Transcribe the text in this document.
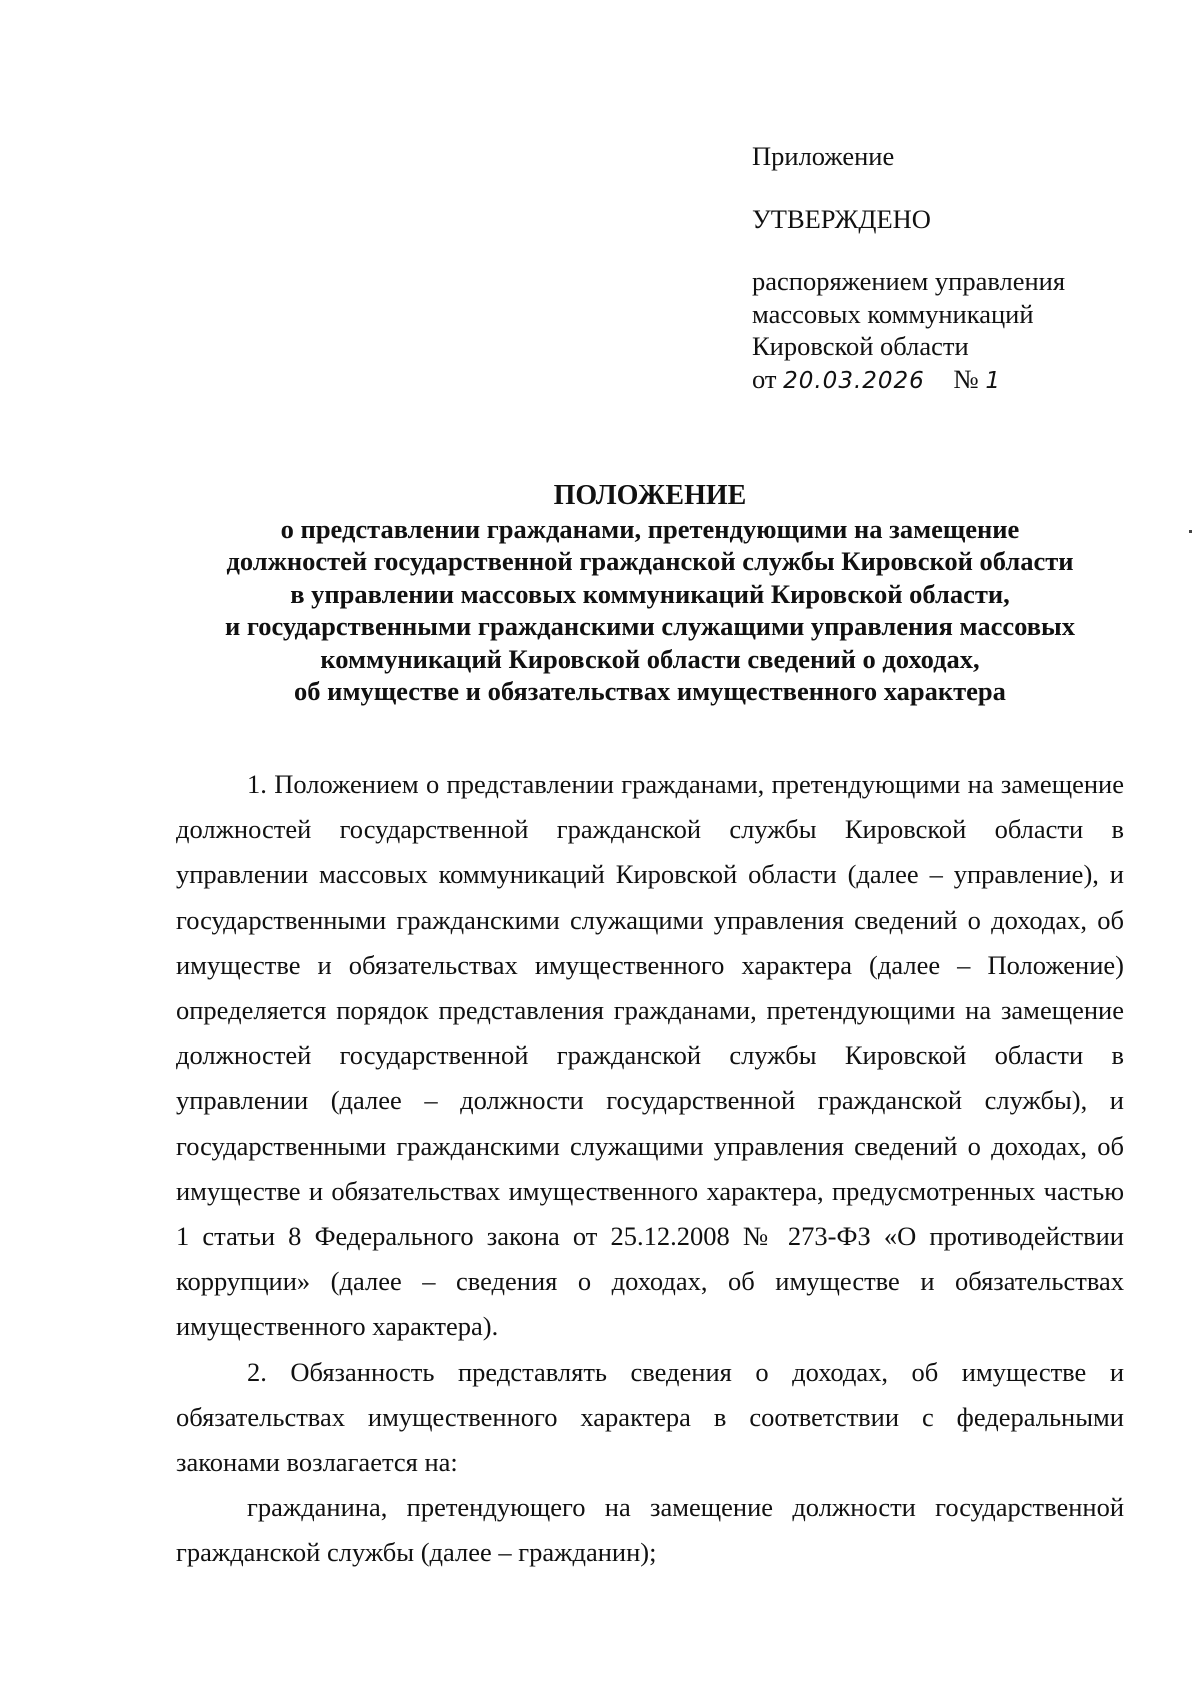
Приложение
УТВЕРЖДЕНО
распоряжением управления
массовых коммуникаций
Кировской области
от 20.03.2026 № 1
ПОЛОЖЕНИЕ
о представлении гражданами, претендующими на замещение
должностей государственной гражданской службы Кировской области
в управлении массовых коммуникаций Кировской области,
и государственными гражданскими служащими управления массовых
коммуникаций Кировской области сведений о доходах,
об имуществе и обязательствах имущественного характера

1. Положением о представлении гражданами, претендующими на замещение должностей государственной гражданской службы Кировской области в управлении массовых коммуникаций Кировской области (далее – управление), и государственными гражданскими служащими управления сведений о доходах, об имуществе и обязательствах имущественного характера (далее – Положение) определяется порядок представления гражданами, претендующими на замещение должностей государственной гражданской службы Кировской области в управлении (далее – должности государственной гражданской службы), и государственными гражданскими служащими управления сведений о доходах, об имуществе и обязательствах имущественного характера, предусмотренных частью 1 статьи 8 Федерального закона от 25.12.2008 № 273-ФЗ «О противодействии коррупции» (далее – сведения о доходах, об имуществе и обязательствах имущественного характера).

2. Обязанность представлять сведения о доходах, об имуществе и обязательствах имущественного характера в соответствии с федеральными законами возлагается на:

гражданина, претендующего на замещение должности государственной гражданской службы (далее – гражданин);
